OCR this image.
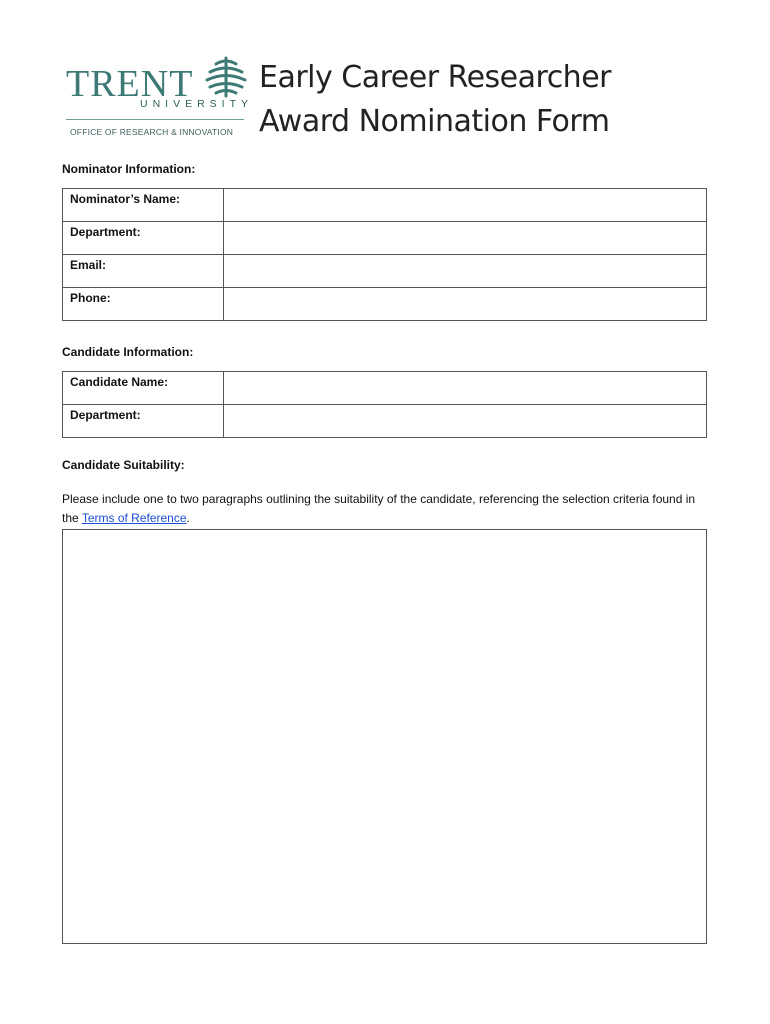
TRENT
UNIVERSITY
OFFICE OF RESEARCH & INNOVATION
Early Career Researcher
Award Nomination Form
Nominator Information:
Nominator’s Name:	
Department:	
Email:	
Phone:	
Candidate Information:
Candidate Name:	
Department:	
Candidate Suitability:
Please include one to two paragraphs outlining the suitability of the candidate, referencing the selection criteria found in the Terms of Reference.
